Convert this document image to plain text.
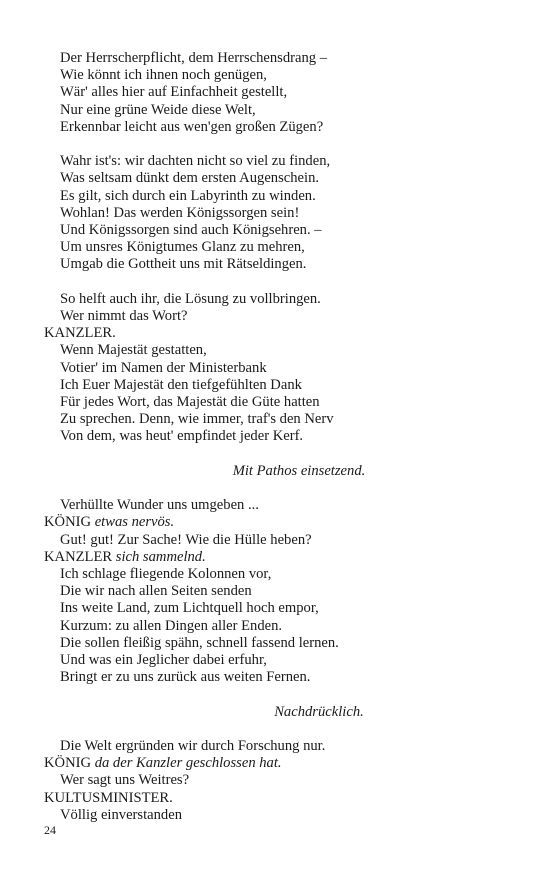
Der Herrscherpflicht, dem Herrschensdrang –
Wie könnt ich ihnen noch genügen,
Wär' alles hier auf Einfachheit gestellt,
Nur eine grüne Weide diese Welt,
Erkennbar leicht aus wen'gen großen Zügen?
Wahr ist's: wir dachten nicht so viel zu finden,
Was seltsam dünkt dem ersten Augenschein.
Es gilt, sich durch ein Labyrinth zu winden.
Wohlan! Das werden Königssorgen sein!
Und Königssorgen sind auch Königsehren. –
Um unsres Königtumes Glanz zu mehren,
Umgab die Gottheit uns mit Rätseldingen.
So helft auch ihr, die Lösung zu vollbringen.
Wer nimmt das Wort?
KANZLER.
Wenn Majestät gestatten,
Votier' im Namen der Ministerbank
Ich Euer Majestät den tiefgefühlten Dank
Für jedes Wort, das Majestät die Güte hatten
Zu sprechen. Denn, wie immer, traf's den Nerv
Von dem, was heut' empfindet jeder Kerf.
Mit Pathos einsetzend.
Verhüllte Wunder uns umgeben ...
KÖNIG etwas nervös.
Gut! gut! Zur Sache! Wie die Hülle heben?
KANZLER sich sammelnd.
Ich schlage fliegende Kolonnen vor,
Die wir nach allen Seiten senden
Ins weite Land, zum Lichtquell hoch empor,
Kurzum: zu allen Dingen aller Enden.
Die sollen fleißig spähn, schnell fassend lernen.
Und was ein Jeglicher dabei erfuhr,
Bringt er zu uns zurück aus weiten Fernen.
Nachdrücklich.
Die Welt ergründen wir durch Forschung nur.
KÖNIG da der Kanzler geschlossen hat.
Wer sagt uns Weitres?
KULTUSMINISTER.
Völlig einverstanden
24
